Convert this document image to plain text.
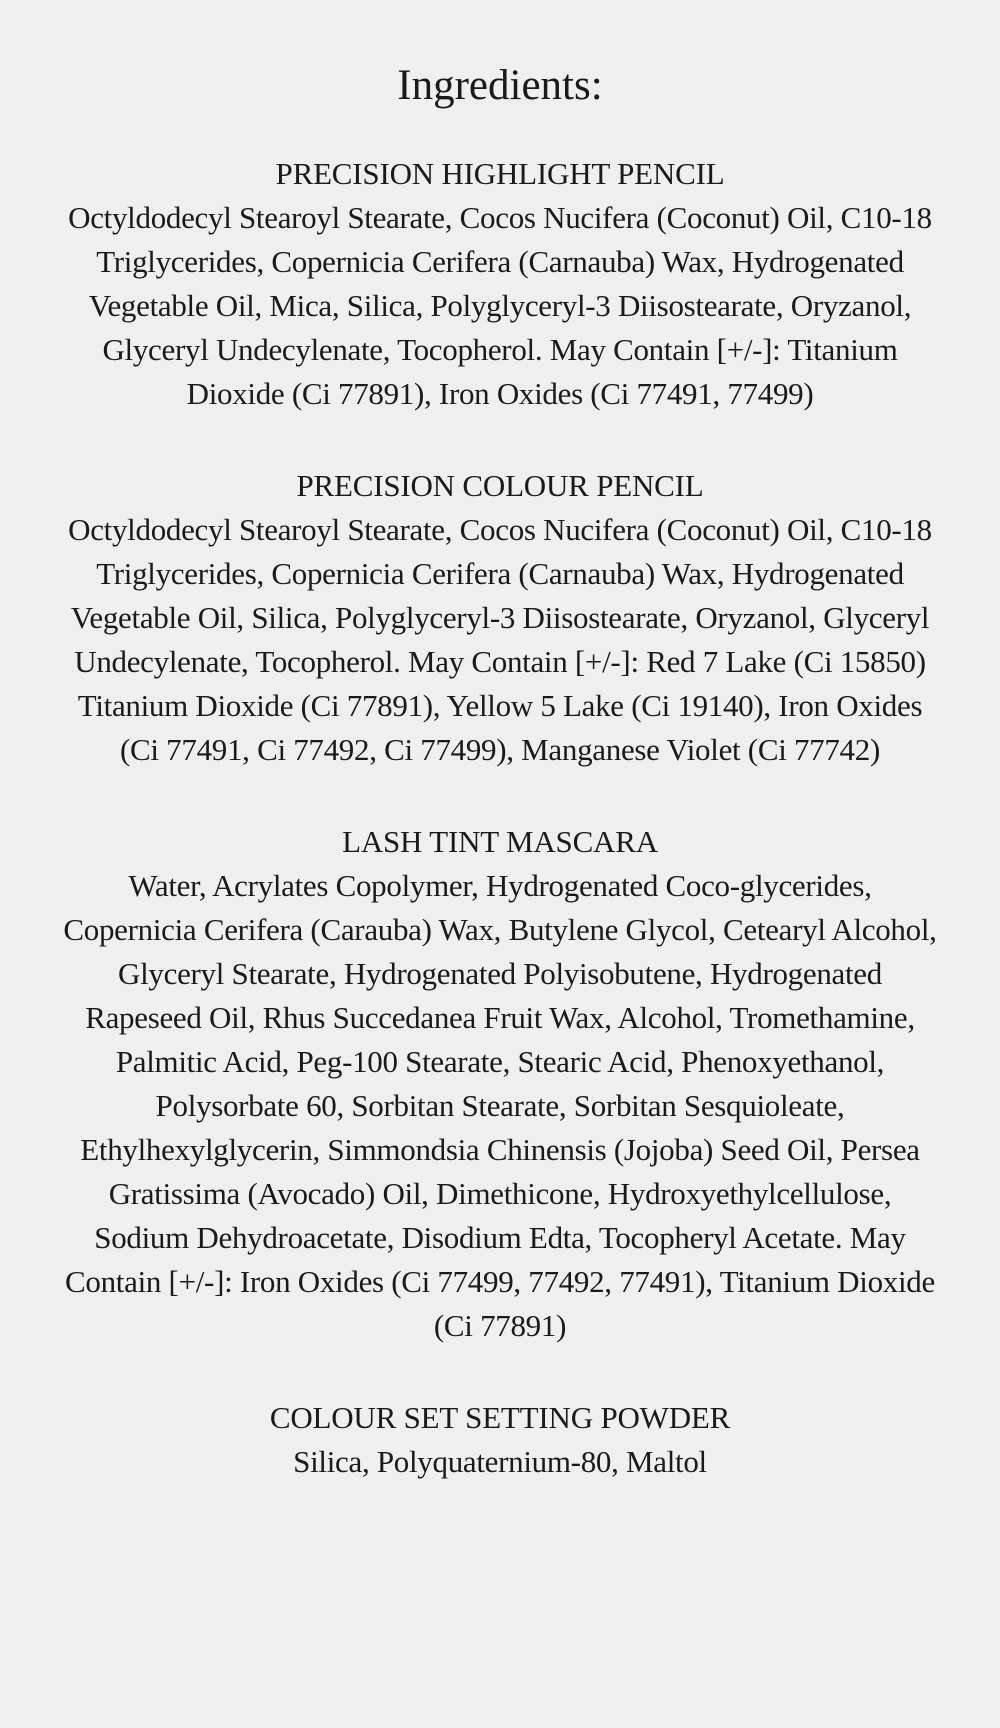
Ingredients:

PRECISION HIGHLIGHT PENCIL

Octyldodecyl Stearoyl Stearate, Cocos Nucifera (Coconut) Oil, C10-18 Triglycerides, Copernicia Cerifera (Carnauba) Wax, Hydrogenated Vegetable Oil, Mica, Silica, Polyglyceryl-3 Diisostearate, Oryzanol, Glyceryl Undecylenate, Tocopherol. May Contain [+/-]: Titanium Dioxide (Ci 77891), Iron Oxides (Ci 77491, 77499)

PRECISION COLOUR PENCIL

Octyldodecyl Stearoyl Stearate, Cocos Nucifera (Coconut) Oil, C10-18 Triglycerides, Copernicia Cerifera (Carnauba) Wax, Hydrogenated Vegetable Oil, Silica, Polyglyceryl-3 Diisostearate, Oryzanol, Glyceryl Undecylenate, Tocopherol. May Contain [+/-]: Red 7 Lake (Ci 15850) Titanium Dioxide (Ci 77891), Yellow 5 Lake (Ci 19140), Iron Oxides (Ci 77491, Ci 77492, Ci 77499), Manganese Violet (Ci 77742)

LASH TINT MASCARA

Water, Acrylates Copolymer, Hydrogenated Coco-glycerides, Copernicia Cerifera (Carauba) Wax, Butylene Glycol, Cetearyl Alcohol, Glyceryl Stearate, Hydrogenated Polyisobutene, Hydrogenated Rapeseed Oil, Rhus Succedanea Fruit Wax, Alcohol, Tromethamine, Palmitic Acid, Peg-100 Stearate, Stearic Acid, Phenoxyethanol, Polysorbate 60, Sorbitan Stearate, Sorbitan Sesquioleate, Ethylhexylglycerin, Simmondsia Chinensis (Jojoba) Seed Oil, Persea Gratissima (Avocado) Oil, Dimethicone, Hydroxyethylcellulose, Sodium Dehydroacetate, Disodium Edta, Tocopheryl Acetate. May Contain [+/-]: Iron Oxides (Ci 77499, 77492, 77491), Titanium Dioxide (Ci 77891)

COLOUR SET SETTING POWDER

Silica, Polyquaternium-80, Maltol
